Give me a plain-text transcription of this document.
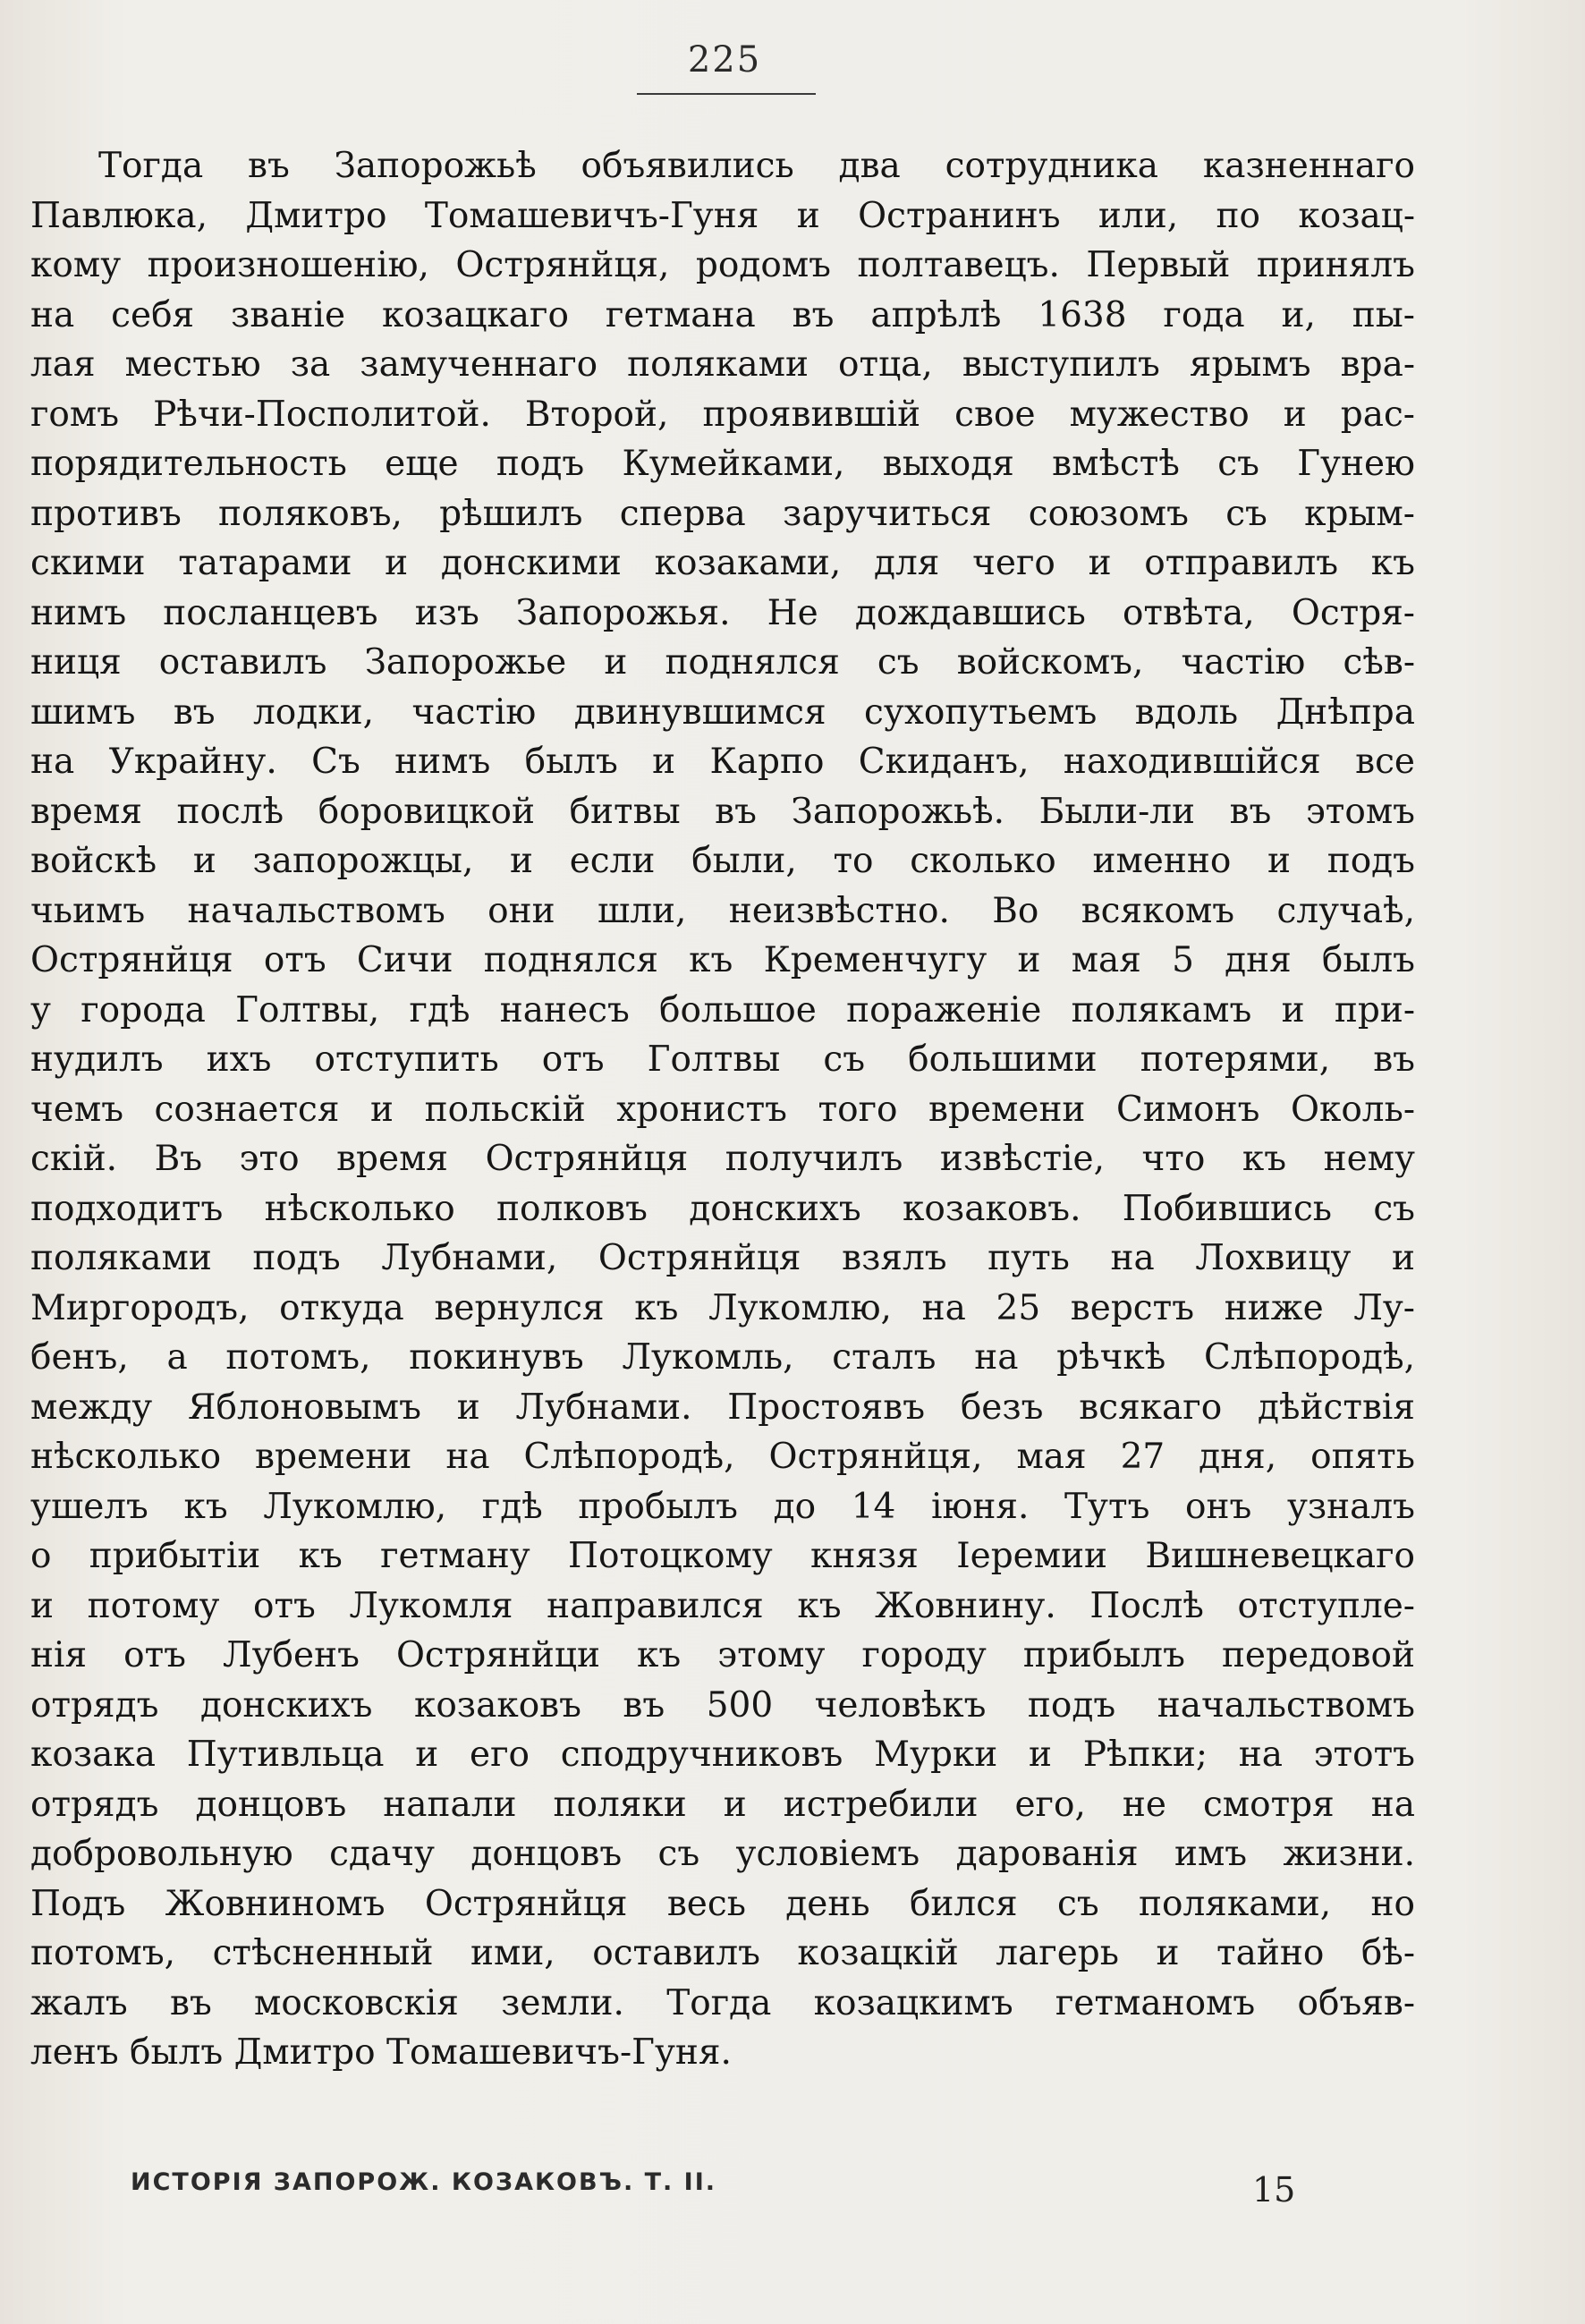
225
Тогда въ Запорожьѣ объявились два сотрудника казненнаго
Павлюка, Дмитро Томашевичъ-Гуня и Остранинъ или, по козац-
кому произношенію, Острянйця, родомъ полтавецъ. Первый принялъ
на себя званіе козацкаго гетмана въ апрѣлѣ 1638 года и, пы-
лая местью за замученнаго поляками отца, выступилъ ярымъ вра-
гомъ Рѣчи-Посполитой. Второй, проявившій свое мужество и рас-
порядительность еще подъ Кумейками, выходя вмѣстѣ съ Гунею
противъ поляковъ, рѣшилъ сперва заручиться союзомъ съ крым-
скими татарами и донскими козаками, для чего и отправилъ къ
нимъ посланцевъ изъ Запорожья. Не дождавшись отвѣта, Остря-
ниця оставилъ Запорожье и поднялся съ войскомъ, частію сѣв-
шимъ въ лодки, частію двинувшимся сухопутьемъ вдоль Днѣпра
на Украйну. Съ нимъ былъ и Карпо Скиданъ, находившійся все
время послѣ боровицкой битвы въ Запорожьѣ. Были-ли въ этомъ
войскѣ и запорожцы, и если были, то сколько именно и подъ
чьимъ начальствомъ они шли, неизвѣстно. Во всякомъ случаѣ,
Острянйця отъ Сичи поднялся къ Кременчугу и мая 5 дня былъ
у города Голтвы, гдѣ нанесъ большое пораженіе полякамъ и при-
нудилъ ихъ отступить отъ Голтвы съ большими потерями, въ
чемъ сознается и польскій хронистъ того времени Симонъ Околь-
скій. Въ это время Острянйця получилъ извѣстіе, что къ нему
подходитъ нѣсколько полковъ донскихъ козаковъ. Побившись съ
поляками подъ Лубнами, Острянйця взялъ путь на Лохвицу и
Миргородъ, откуда вернулся къ Лукомлю, на 25 верстъ ниже Лу-
бенъ, а потомъ, покинувъ Лукомль, сталъ на рѣчкѣ Слѣпородѣ,
между Яблоновымъ и Лубнами. Простоявъ безъ всякаго дѣйствія
нѣсколько времени на Слѣпородѣ, Острянйця, мая 27 дня, опять
ушелъ къ Лукомлю, гдѣ пробылъ до 14 іюня. Тутъ онъ узналъ
о прибытіи къ гетману Потоцкому князя Іеремии Вишневецкаго
и потому отъ Лукомля направился къ Жовнину. Послѣ отступле-
нія отъ Лубенъ Острянйци къ этому городу прибылъ передовой
отрядъ донскихъ козаковъ въ 500 человѣкъ подъ начальствомъ
козака Путивльца и его сподручниковъ Мурки и Рѣпки; на этотъ
отрядъ донцовъ напали поляки и истребили его, не смотря на
добровольную сдачу донцовъ съ условіемъ дарованія имъ жизни.
Подъ Жовниномъ Острянйця весь день бился съ поляками, но
потомъ, стѣсненный ими, оставилъ козацкій лагерь и тайно бѣ-
жалъ въ московскія земли. Тогда козацкимъ гетманомъ объяв-
ленъ былъ Дмитро Томашевичъ-Гуня.
ИСТОРІЯ ЗАПОРОЖ. КОЗАКОВЪ. Т. II.	15
